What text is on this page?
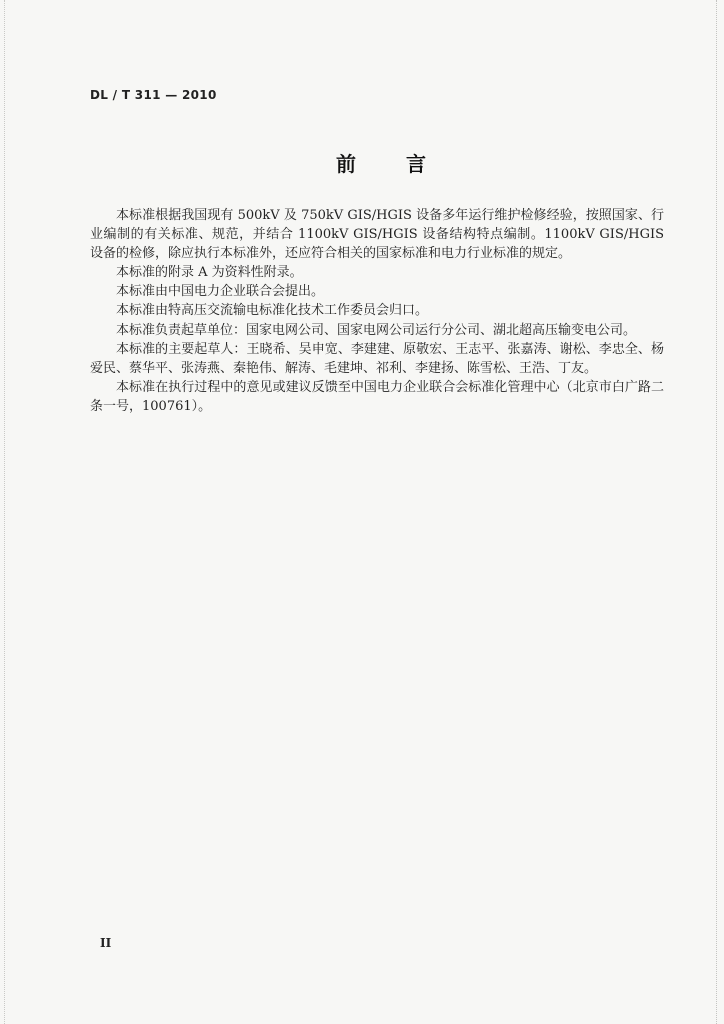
DL / T 311 — 2010
前	言

本标准根据我国现有 500kV 及 750kV GIS/HGIS 设备多年运行维护检修经验，按照国家、行业编制的有关标准、规范，并结合 1100kV GIS/HGIS 设备结构特点编制。1100kV GIS/HGIS 设备的检修，除应执行本标准外，还应符合相关的国家标准和电力行业标准的规定。

本标准的附录 A 为资料性附录。

本标准由中国电力企业联合会提出。

本标准由特高压交流输电标准化技术工作委员会归口。

本标准负责起草单位：国家电网公司、国家电网公司运行分公司、湖北超高压输变电公司。

本标准的主要起草人：王晓希、吴申宽、李建建、原敬宏、王志平、张嘉涛、谢松、李忠全、杨爱民、蔡华平、张涛燕、秦艳伟、解涛、毛建坤、祁利、李建扬、陈雪松、王浩、丁友。

本标准在执行过程中的意见或建议反馈至中国电力企业联合会标准化管理中心（北京市白广路二条一号，100761）。

II
